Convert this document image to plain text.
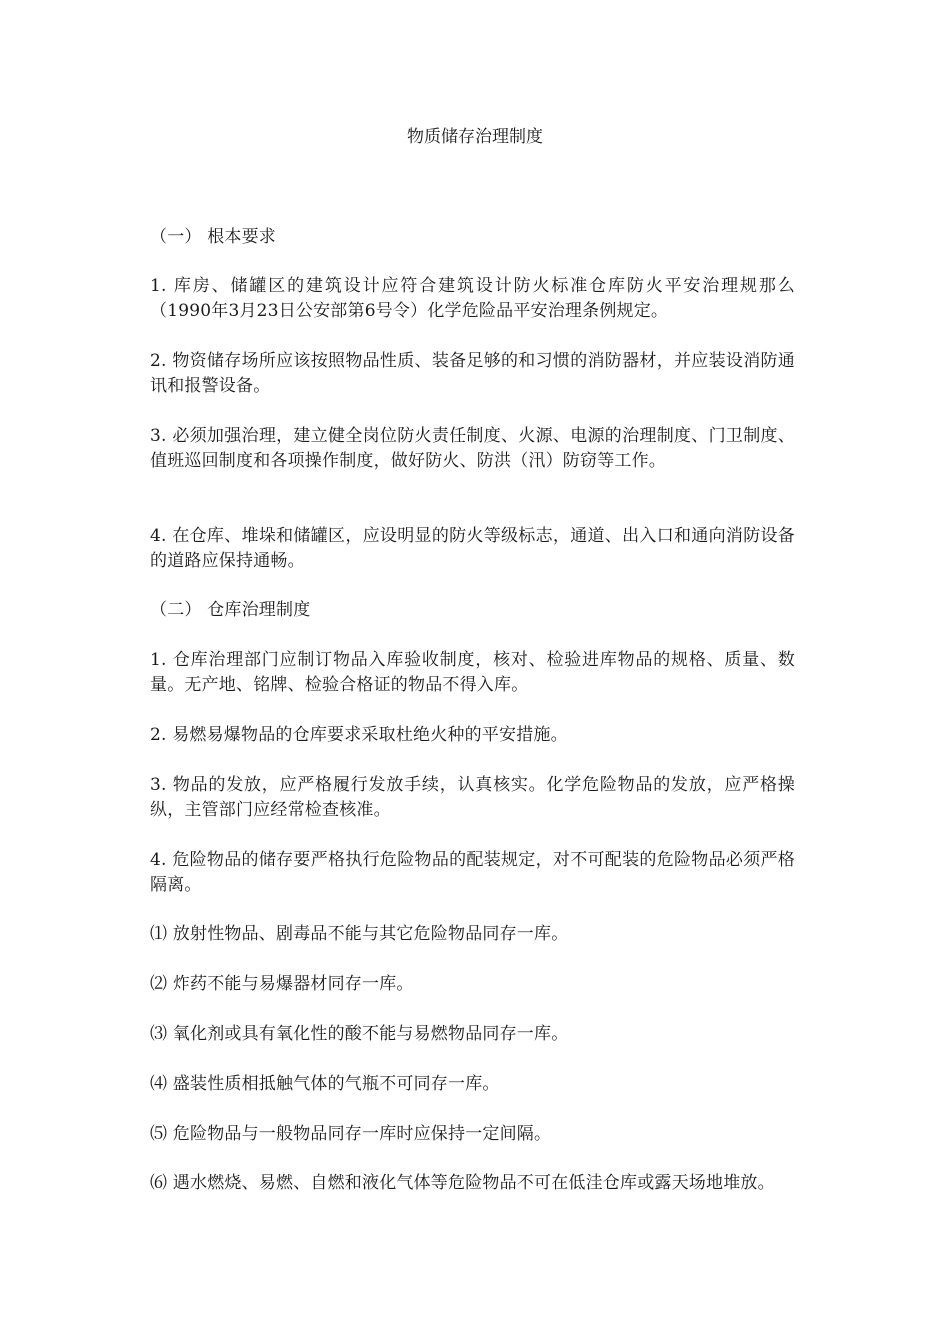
物质储存治理制度

（一） 根本要求

1. 库房、储罐区的建筑设计应符合建筑设计防火标准仓库防火平安治理规那么（1990年3月23日公安部第6号令）化学危险品平安治理条例规定。

2. 物资储存场所应该按照物品性质、装备足够的和习惯的消防器材，并应装设消防通讯和报警设备。

3. 必须加强治理，建立健全岗位防火责任制度、火源、电源的治理制度、门卫制度、值班巡回制度和各项操作制度，做好防火、防洪（汛）防窃等工作。

4. 在仓库、堆垛和储罐区，应设明显的防火等级标志，通道、出入口和通向消防设备的道路应保持通畅。

（二） 仓库治理制度

1. 仓库治理部门应制订物品入库验收制度，核对、检验进库物品的规格、质量、数量。无产地、铭牌、检验合格证的物品不得入库。

2. 易燃易爆物品的仓库要求采取杜绝火种的平安措施。

3. 物品的发放，应严格履行发放手续，认真核实。化学危险物品的发放，应严格操纵，主管部门应经常检查核准。

4. 危险物品的储存要严格执行危险物品的配装规定，对不可配装的危险物品必须严格隔离。

⑴ 放射性物品、剧毒品不能与其它危险物品同存一库。

⑵ 炸药不能与易爆器材同存一库。

⑶ 氧化剂或具有氧化性的酸不能与易燃物品同存一库。

⑷ 盛装性质相抵触气体的气瓶不可同存一库。

⑸ 危险物品与一般物品同存一库时应保持一定间隔。

⑹ 遇水燃烧、易燃、自燃和液化气体等危险物品不可在低洼仓库或露天场地堆放。
